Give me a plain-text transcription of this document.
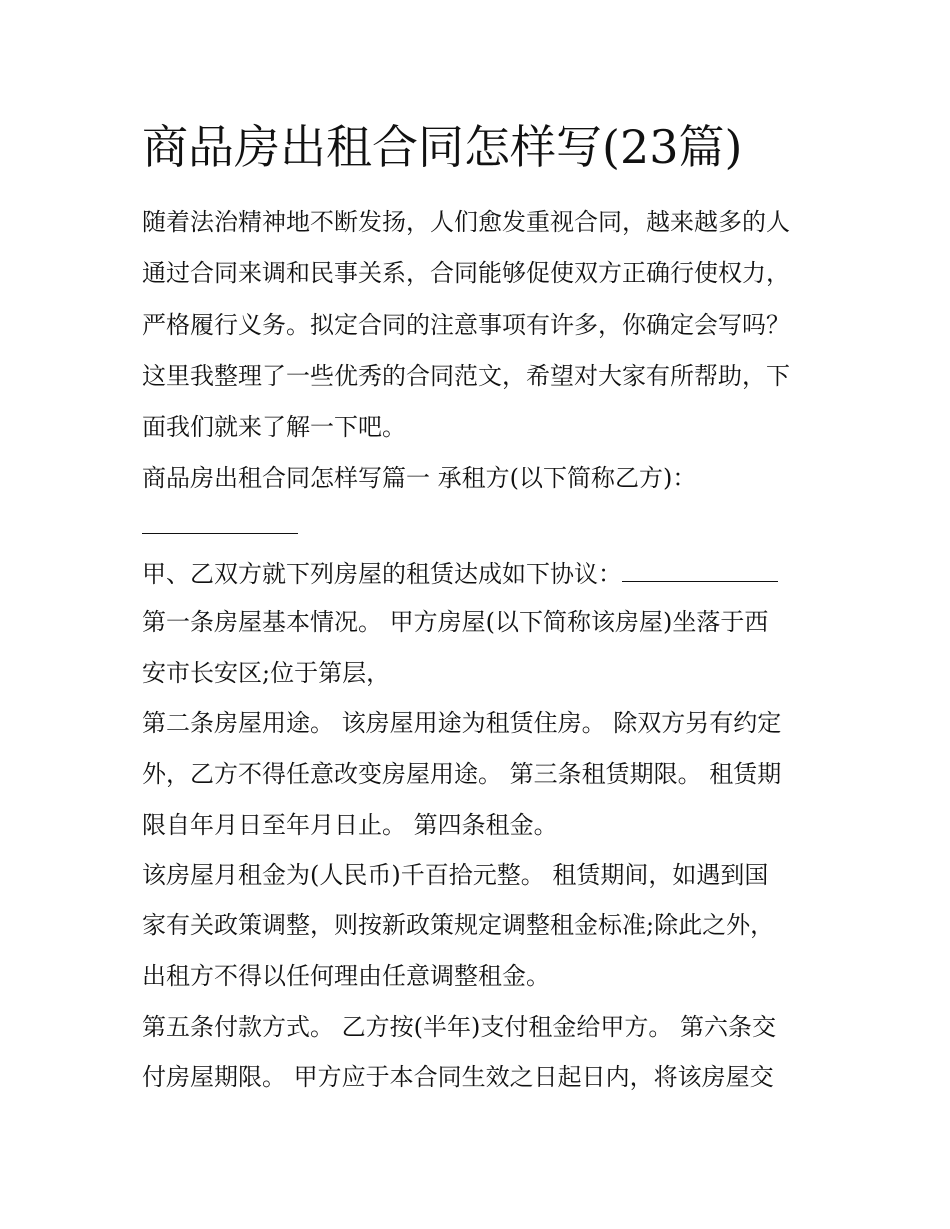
商品房出租合同怎样写(23篇)
随着法治精神地不断发扬，人们愈发重视合同，越来越多的人
通过合同来调和民事关系，合同能够促使双方正确行使权力，
严格履行义务。拟定合同的注意事项有许多，你确定会写吗？
这里我整理了一些优秀的合同范文，希望对大家有所帮助，下
面我们就来了解一下吧。
商品房出租合同怎样写篇一 承租方(以下简称乙方)：
甲、乙双方就下列房屋的租赁达成如下协议：
第一条房屋基本情况。 甲方房屋(以下简称该房屋)坐落于西
安市长安区;位于第层，
第二条房屋用途。 该房屋用途为租赁住房。 除双方另有约定
外，乙方不得任意改变房屋用途。 第三条租赁期限。 租赁期
限自年月日至年月日止。 第四条租金。
该房屋月租金为(人民币)千百拾元整。 租赁期间，如遇到国
家有关政策调整，则按新政策规定调整租金标准;除此之外，
出租方不得以任何理由任意调整租金。
第五条付款方式。 乙方按(半年)支付租金给甲方。 第六条交
付房屋期限。 甲方应于本合同生效之日起日内，将该房屋交
